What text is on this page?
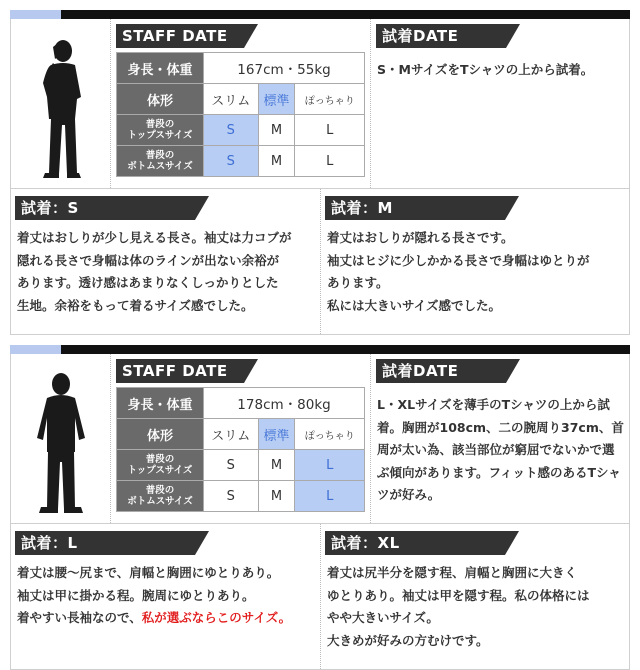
STAFF DATE
身長・体重	167cm・55kg		
体形	スリム	標準	ぽっちゃり
普段の
トップスサイズ	S	M	L
普段の
ボトムスサイズ	S	M	L
試着DATE
S・MサイズをTシャツの上から試着。
試着：S
着丈はおしりが少し見える長さ。袖丈は力コブが
隠れる長さで身幅は体のラインが出ない余裕が
あります。透け感はあまりなくしっかりとした
生地。余裕をもって着るサイズ感でした。
試着：M
着丈はおしりが隠れる長さです。
袖丈はヒジに少しかかる長さで身幅はゆとりが
あります。
私には大きいサイズ感でした。
STAFF DATE
身長・体重	178cm・80kg		
体形	スリム	標準	ぽっちゃり
普段の
トップスサイズ	S	M	L
普段の
ボトムスサイズ	S	M	L
試着DATE
L・XLサイズを薄手のTシャツの上から試着。胸囲が108cm、二の腕周り37cm、首周が太い為、該当部位が窮屈でないかで選ぶ傾向があります。フィット感のあるTシャツが好み。
試着：L
着丈は腰〜尻まで、肩幅と胸囲にゆとりあり。
袖丈は甲に掛かる程。腕周にゆとりあり。
着やすい長袖なので、私が選ぶならこのサイズ。
試着：XL
着丈は尻半分を隠す程、肩幅と胸囲に大きく
ゆとりあり。袖丈は甲を隠す程。私の体格には
やや大きいサイズ。
大きめが好みの方むけです。
